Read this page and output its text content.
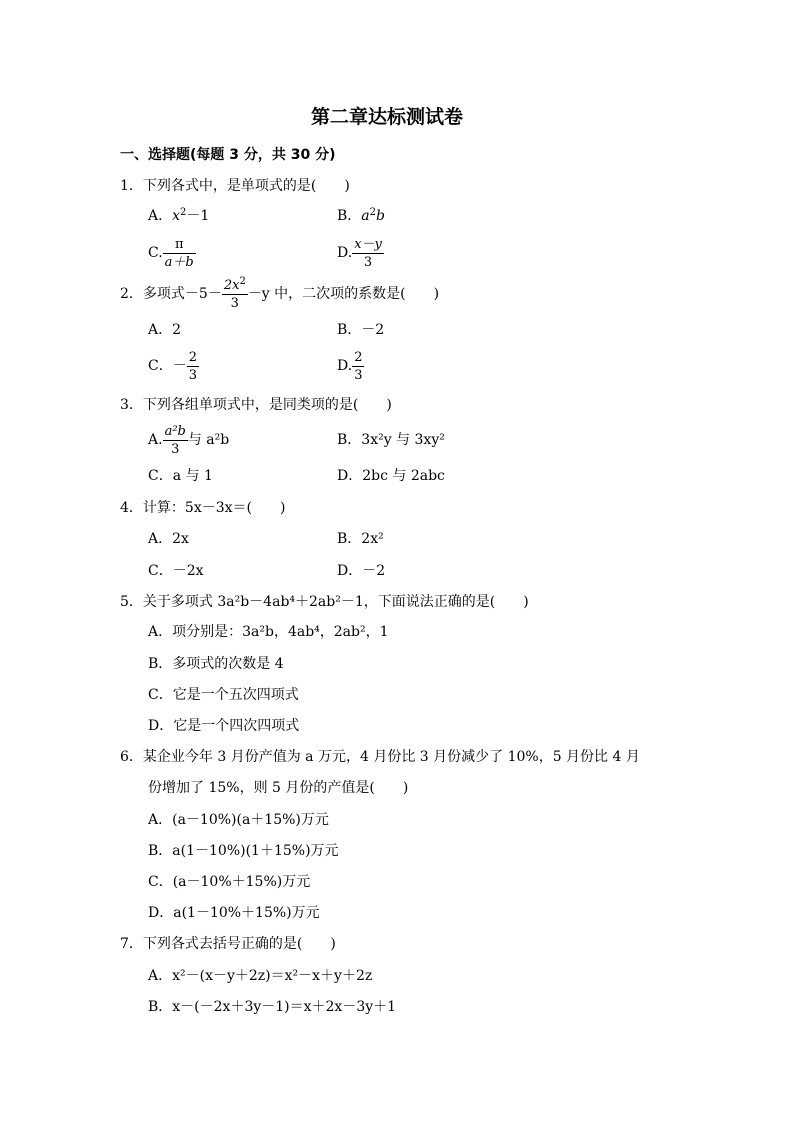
第二章达标测试卷
一、选择题(每题 3 分，共 30 分)
1．下列各式中，是单项式的是(　　)
A．$x^2-1$	B．$a^2b$
C. $\frac{\pi}{a+b}$	D. $\frac{x-y}{3}$
2．多项式$-5- \frac{2x^2}{3} -y$ 中，二次项的系数是(　　)
A．2	B．－2
C．－ $\frac{2}{3}$	D. $\frac{2}{3}$
3．下列各组单项式中，是同类项的是(　　)
A. $\frac{\text{a²b}}{3}$ 与 a²b	B．3x²y 与 3xy²
C．a 与 1	D．2bc 与 2abc
4．计算：5x－3x＝(　　)
A．2x	B．2x²
C．－2x	D．－2
5．关于多项式 3a²b－4ab⁴＋2ab²－1，下面说法正确的是(　　)
A．项分别是：3a²b，4ab⁴，2ab²，1
B．多项式的次数是 4
C．它是一个五次四项式
D．它是一个四次四项式
6．某企业今年 3 月份产值为 a 万元，4 月份比 3 月份减少了 10%，5 月份比 4 月
份增加了 15%，则 5 月份的产值是(　　)
A．(a－10%)(a＋15%)万元
B．a(1－10%)(1＋15%)万元
C．(a－10%＋15%)万元
D．a(1－10%＋15%)万元
7．下列各式去括号正确的是(　　)
A．x²－(x－y＋2z)＝x²－x＋y＋2z
B．x－(－2x＋3y－1)＝x＋2x－3y＋1
